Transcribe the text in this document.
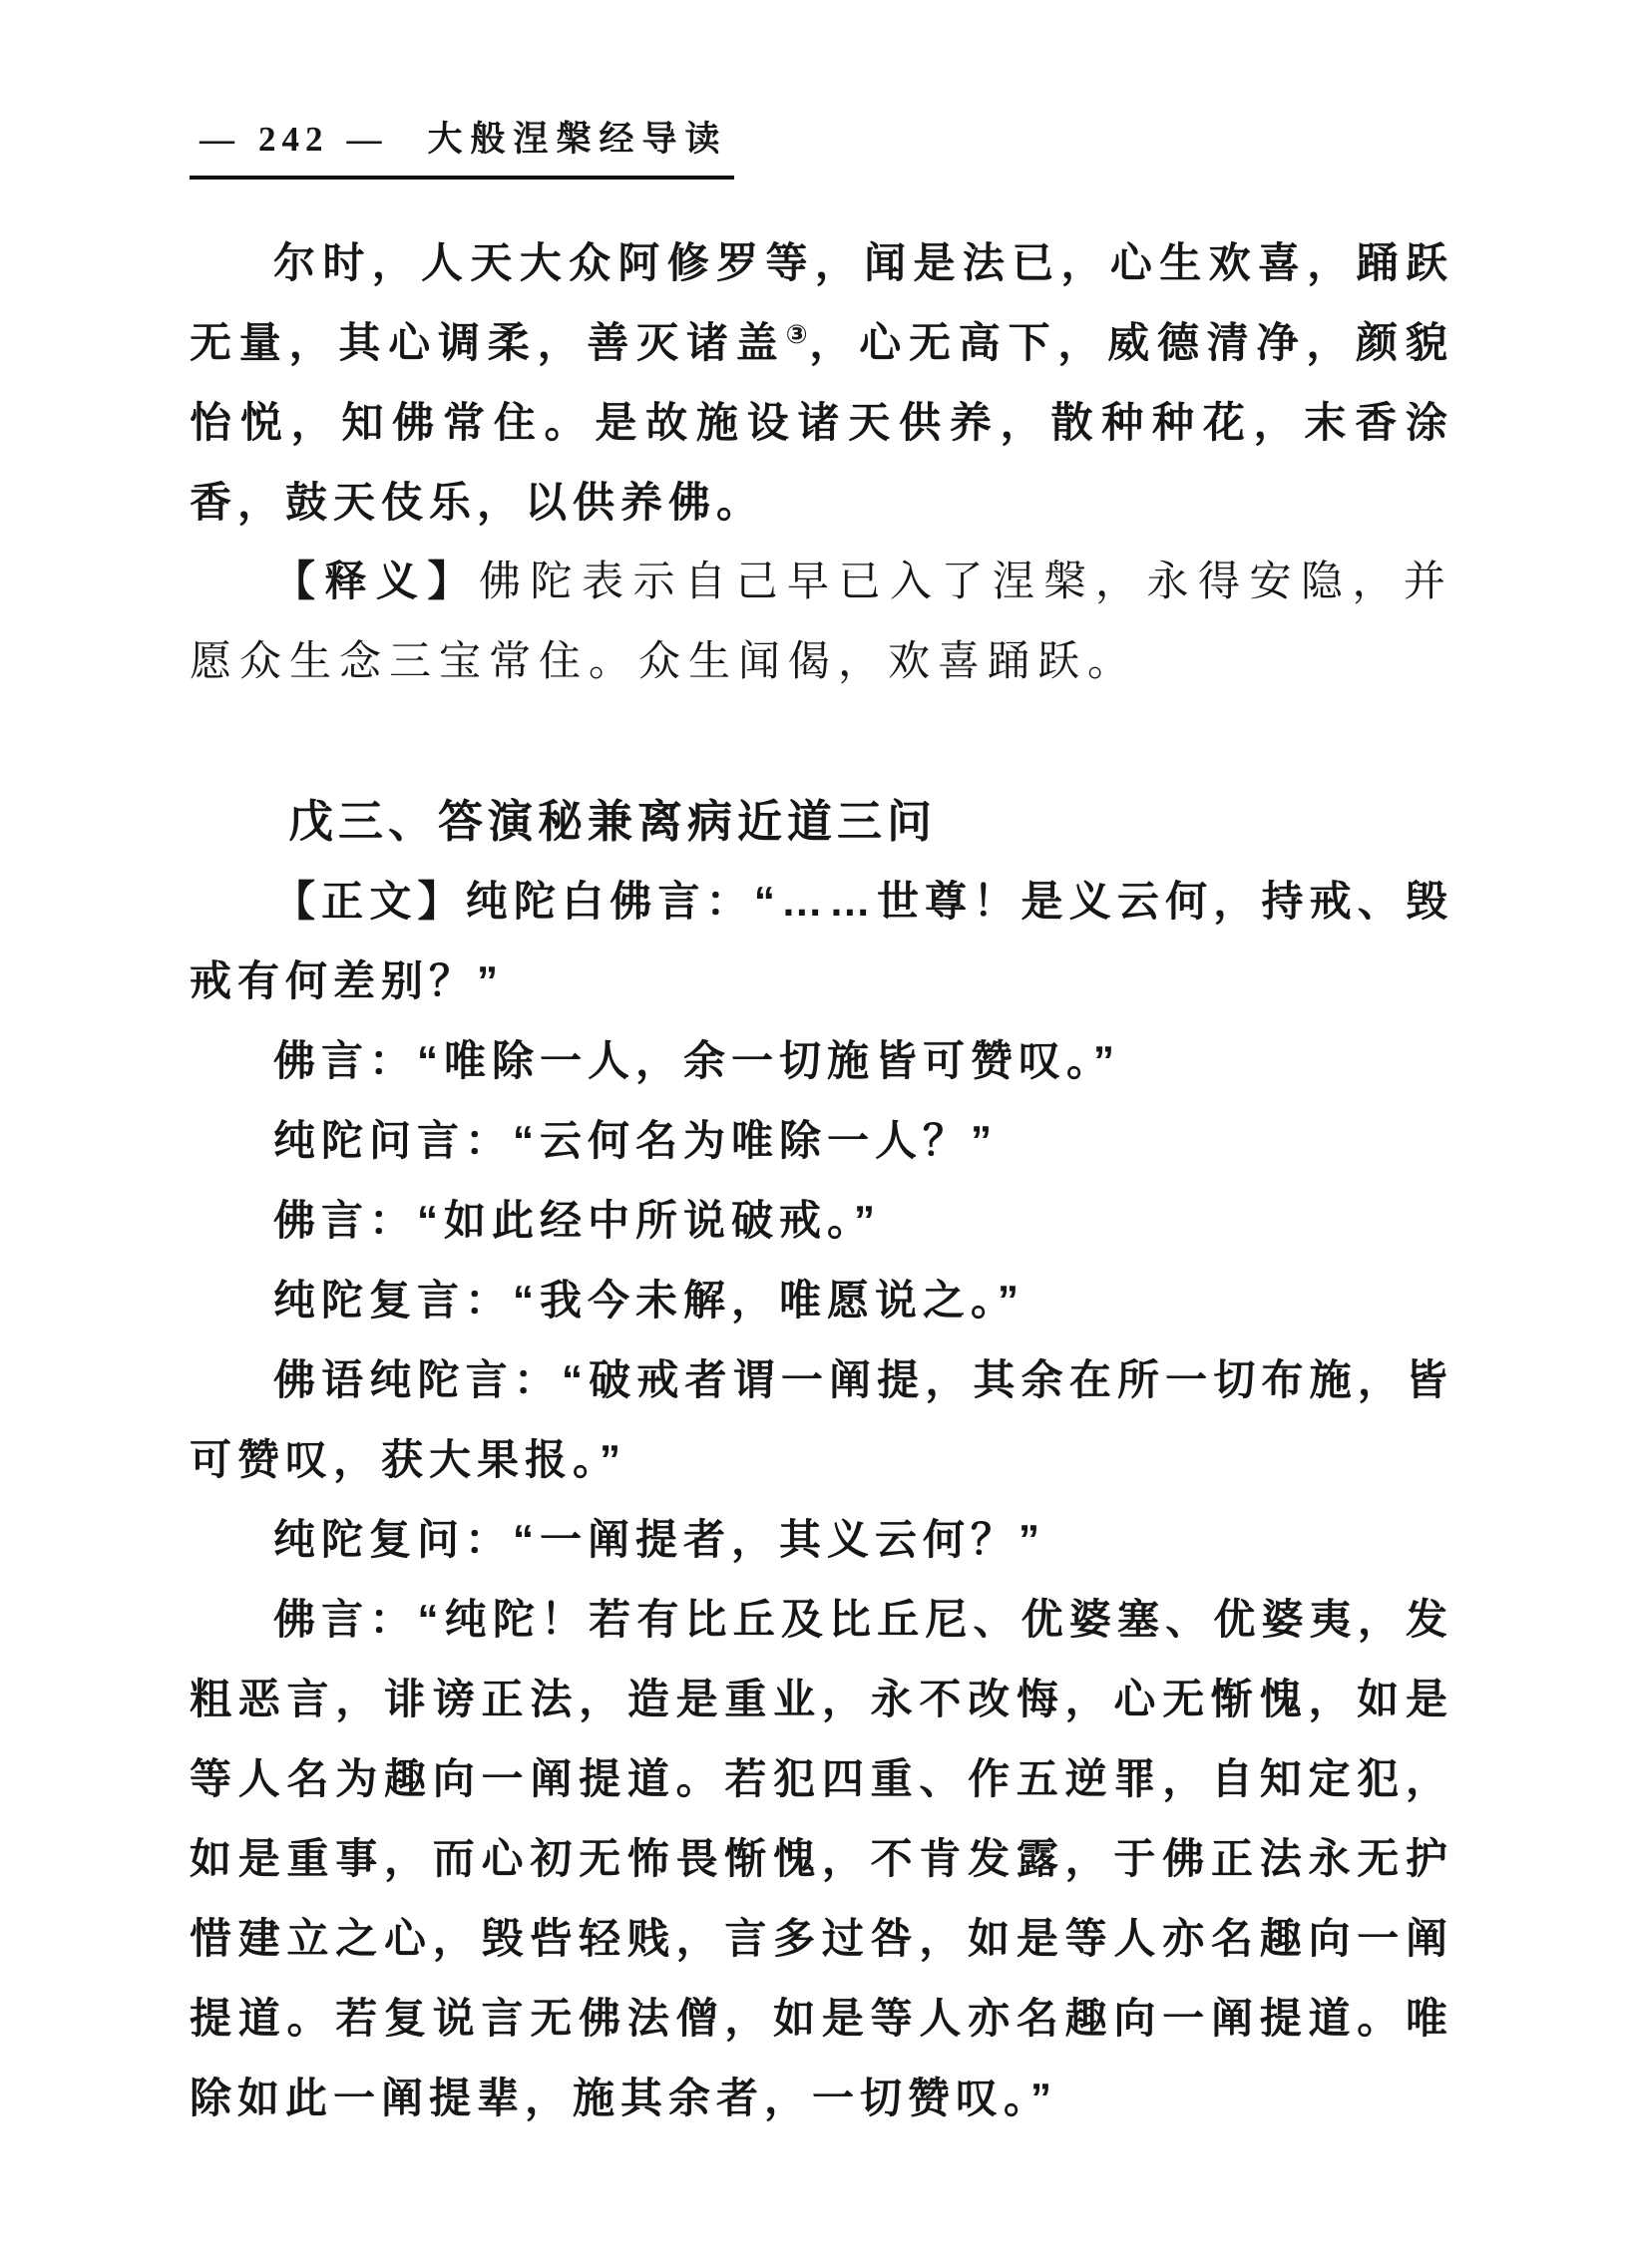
— 242 — 大般涅槃经导读

尔时，人天大众阿修罗等，闻是法已，心生欢喜，踊跃无量，其心调柔，善灭诸盖③，心无高下，威德清净，颜貌怡悦，知佛常住。是故施设诸天供养，散种种花，末香涂香，鼓天伎乐，以供养佛。

【释义】佛陀表示自己早已入了涅槃，永得安隐，并愿众生念三宝常住。众生闻偈，欢喜踊跃。

戊三、答演秘兼离病近道三问

【正文】纯陀白佛言：“……世尊！是义云何，持戒、毁戒有何差别？”

佛言：“唯除一人，余一切施皆可赞叹。”

纯陀问言：“云何名为唯除一人？”

佛言：“如此经中所说破戒。”

纯陀复言：“我今未解，唯愿说之。”

佛语纯陀言：“破戒者谓一阐提，其余在所一切布施，皆可赞叹，获大果报。”

纯陀复问：“一阐提者，其义云何？”

佛言：“纯陀！若有比丘及比丘尼、优婆塞、优婆夷，发粗恶言，诽谤正法，造是重业，永不改悔，心无惭愧，如是等人名为趣向一阐提道。若犯四重、作五逆罪，自知定犯，如是重事，而心初无怖畏惭愧，不肯发露，于佛正法永无护惜建立之心，毁呰轻贱，言多过咎，如是等人亦名趣向一阐提道。若复说言无佛法僧，如是等人亦名趣向一阐提道。唯除如此一阐提辈，施其余者，一切赞叹。”
